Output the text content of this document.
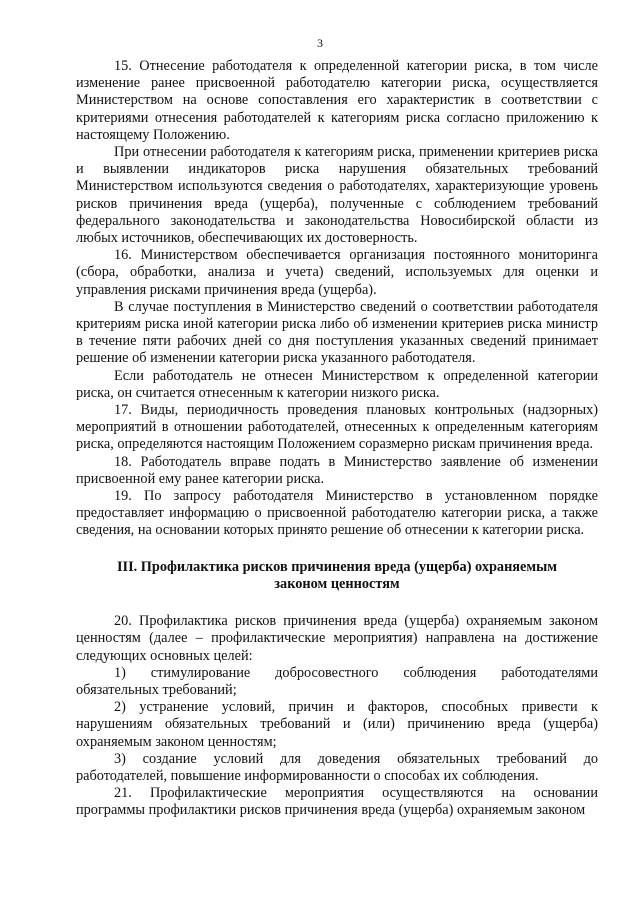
3

15. Отнесение работодателя к определенной категории риска, в том числе изменение ранее присвоенной работодателю категории риска, осуществляется Министерством на основе сопоставления его характеристик в соответствии с критериями отнесения работодателей к категориям риска согласно приложению к настоящему Положению.

При отнесении работодателя к категориям риска, применении критериев риска и выявлении индикаторов риска нарушения обязательных требований Министерством используются сведения о работодателях, характеризующие уровень рисков причинения вреда (ущерба), полученные с соблюдением требований федерального законодательства и законодательства Новосибирской области из любых источников, обеспечивающих их достоверность.

16. Министерством обеспечивается организация постоянного мониторинга (сбора, обработки, анализа и учета) сведений, используемых для оценки и управления рисками причинения вреда (ущерба).

В случае поступления в Министерство сведений о соответствии работодателя критериям риска иной категории риска либо об изменении критериев риска министр в течение пяти рабочих дней со дня поступления указанных сведений принимает решение об изменении категории риска указанного работодателя.

Если работодатель не отнесен Министерством к определенной категории риска, он считается отнесенным к категории низкого риска.

17. Виды, периодичность проведения плановых контрольных (надзорных) мероприятий в отношении работодателей, отнесенных к определенным категориям риска, определяются настоящим Положением соразмерно рискам причинения вреда.

18. Работодатель вправе подать в Министерство заявление об изменении присвоенной ему ранее категории риска.

19. По запросу работодателя Министерство в установленном порядке предоставляет информацию о присвоенной работодателю категории риска, а также сведения, на основании которых принято решение об отнесении к категории риска.

III. Профилактика рисков причинения вреда (ущерба) охраняемым
законом ценностям

20. Профилактика рисков причинения вреда (ущерба) охраняемым законом ценностям (далее – профилактические мероприятия) направлена на достижение следующих основных целей:

1) стимулирование добросовестного соблюдения работодателями обязательных требований;

2) устранение условий, причин и факторов, способных привести к нарушениям обязательных требований и (или) причинению вреда (ущерба) охраняемым законом ценностям;

3) создание условий для доведения обязательных требований до работодателей, повышение информированности о способах их соблюдения.

21. Профилактические мероприятия осуществляются на основании программы профилактики рисков причинения вреда (ущерба) охраняемым законом
